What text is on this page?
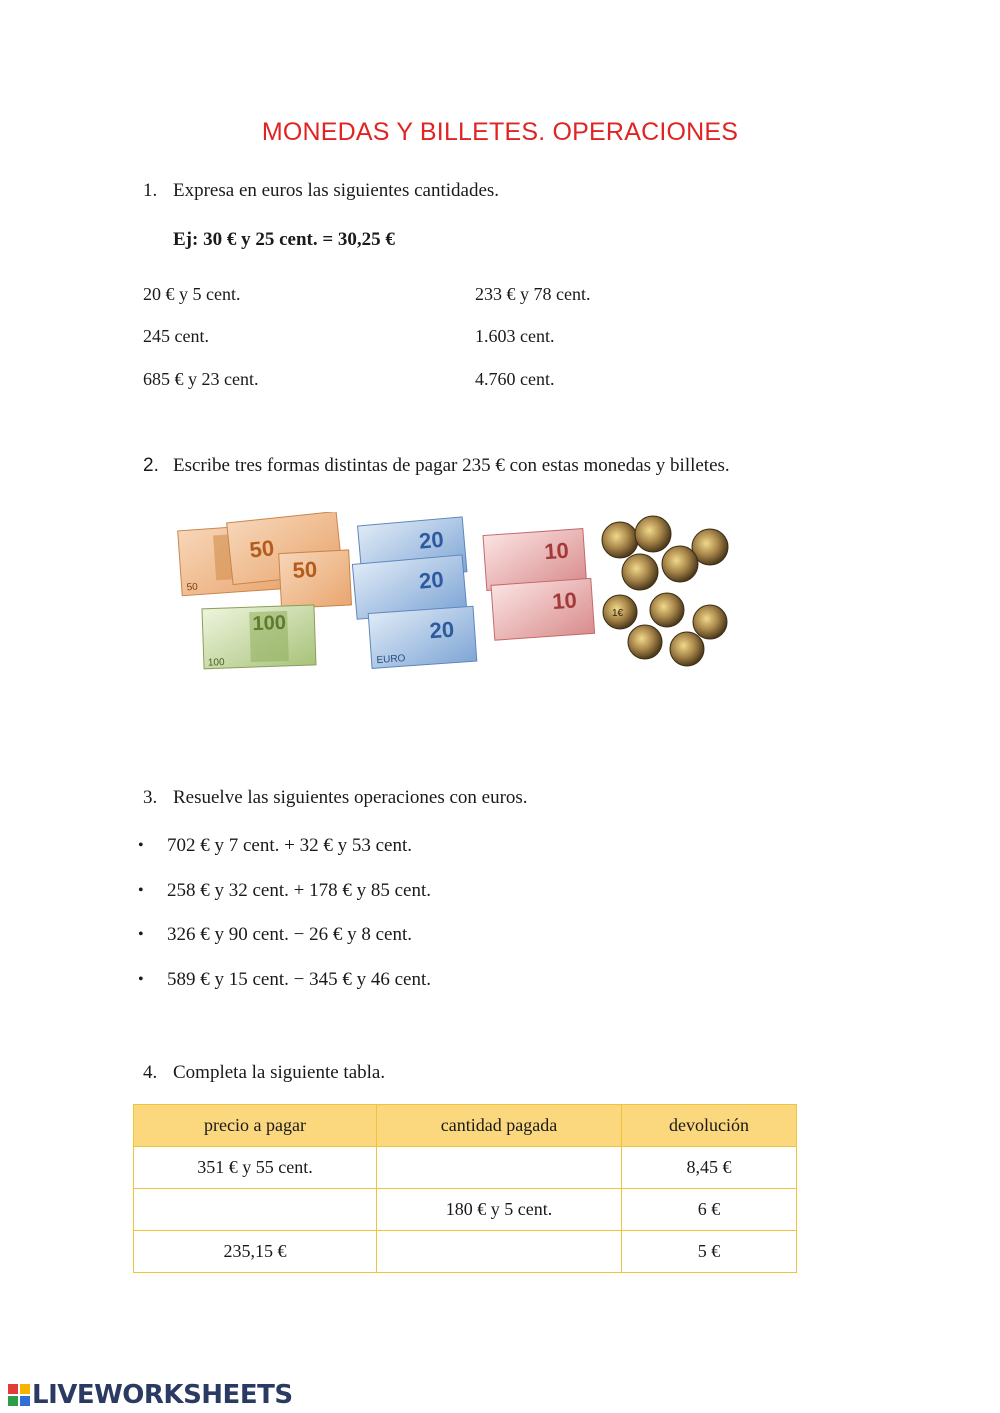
MONEDAS Y BILLETES. OPERACIONES
1. Expresa en euros las siguientes cantidades.
Ej: 30 € y 25 cent. = 30,25 €
20 € y 5 cent.	233 € y 78 cent.
245 cent.	1.603 cent.
685 € y 23 cent.	4.760 cent.
2. Escribe tres formas distintas de pagar 235 € con estas monedas y billetes.
50
50
50
100
100
20
20
20
EURO
10
10	1€
3. Resuelve las siguientes operaciones con euros.
• 702 € y 7 cent. + 32 € y 53 cent.
• 258 € y 32 cent. + 178 € y 85 cent.
• 326 € y 90 cent. − 26 € y 8 cent.
• 589 € y 15 cent. − 345 € y 46 cent.
4. Completa la siguiente tabla.
precio a pagar	cantidad pagada	devolución
351 € y 55 cent.		8,45 €
	180 € y 5 cent.	6 €
235,15 €		5 €
LIVEWORKSHEETS
